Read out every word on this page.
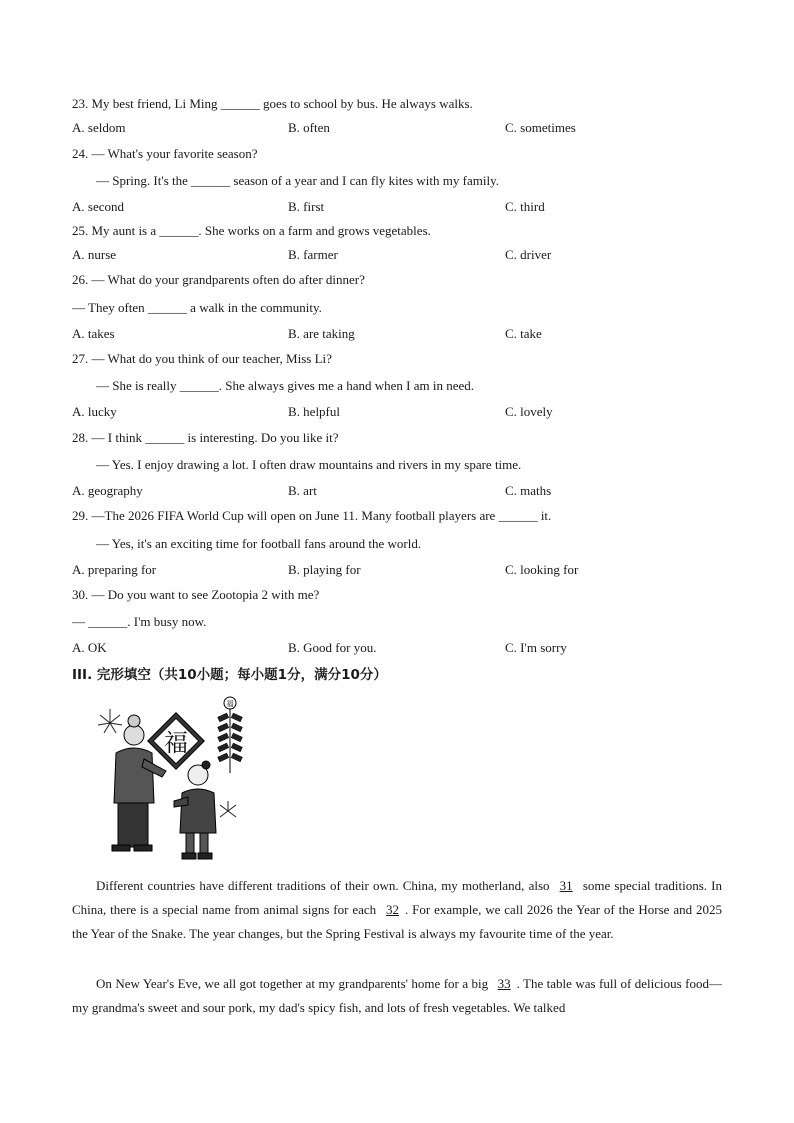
23. My best friend, Li Ming ______ goes to school by bus. He always walks.
A. seldom	B. often	C. sometimes
24. — What's your favorite season?
— Spring. It's the ______ season of a year and I can fly kites with my family.
A. second	B. first	C. third
25. My aunt is a ______. She works on a farm and grows vegetables.
A. nurse	B. farmer	C. driver
26. — What do your grandparents often do after dinner?
— They often ______ a walk in the community.
A. takes	B. are taking	C. take
27. — What do you think of our teacher, Miss Li?
— She is really ______. She always gives me a hand when I am in need.
A. lucky	B. helpful	C. lovely
28. — I think ______ is interesting. Do you like it?
— Yes. I enjoy drawing a lot. I often draw mountains and rivers in my spare time.
A. geography	B. art	C. maths
29. —The 2026 FIFA World Cup will open on June 11. Many football players are ______ it.
— Yes, it's an exciting time for football fans around the world.
A. preparing for	B. playing for	C. looking for
30. — Do you want to see Zootopia 2 with me?
— ______. I'm busy now.
A. OK	B. Good for you.	C. I'm sorry
III. 完形填空（共10小题；每小题1分，满分10分）
福
福
Different countries have different traditions of their own. China, my motherland, also 31 some special traditions. In China, there is a special name from animal signs for each 32 . For example, we call 2026 the Year of the Horse and 2025 the Year of the Snake. The year changes, but the Spring Festival is always my favourite time of the year.
On New Year's Eve, we all got together at my grandparents' home for a big 33 . The table was full of delicious food—my grandma's sweet and sour pork, my dad's spicy fish, and lots of fresh vegetables. We talked
